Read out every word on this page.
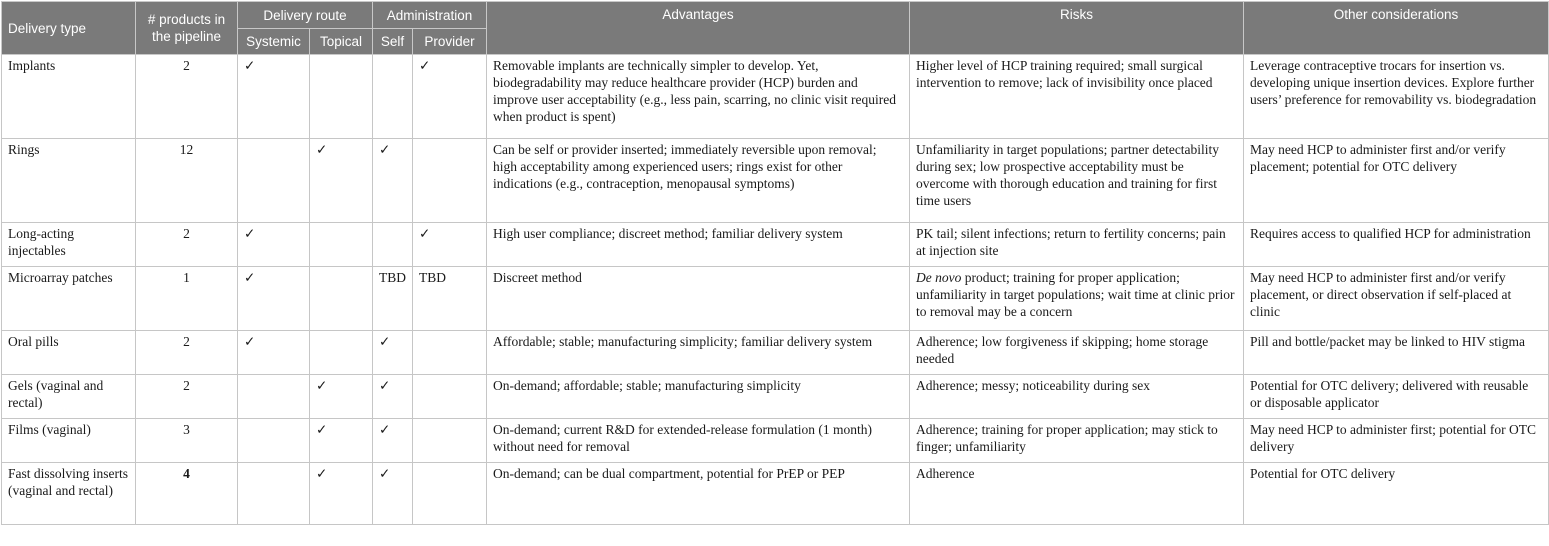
Delivery type	# products in the pipeline	Delivery route		Administration		Advantages	Risks	Other considerations
		Systemic	Topical	Self	Provider			
Implants	2	✓			✓	Removable implants are technically simpler to develop. Yet, biodegradability may reduce healthcare provider (HCP) burden and improve user acceptability (e.g., less pain, scarring, no clinic visit required when product is spent)	Higher level of HCP training required; small surgical intervention to remove; lack of invisibility once placed	Leverage contraceptive trocars for insertion vs. developing unique insertion devices. Explore further users’ preference for removability vs. biodegradation
Rings	12		✓	✓		Can be self or provider inserted; immediately reversible upon removal; high acceptability among experienced users; rings exist for other indications (e.g., contraception, menopausal symptoms)	Unfamiliarity in target populations; partner detectability during sex; low prospective acceptability must be overcome with thorough education and training for first time users	May need HCP to administer first and/or verify placement; potential for OTC delivery
Long-acting injectables	2	✓			✓	High user compliance; discreet method; familiar delivery system	PK tail; silent infections; return to fertility concerns; pain at injection site	Requires access to qualified HCP for administration
Microarray patches	1	✓		TBD	TBD	Discreet method	De novo product; training for proper application; unfamiliarity in target populations; wait time at clinic prior to removal may be a concern	May need HCP to administer first and/or verify placement, or direct observation if self-placed at clinic
Oral pills	2	✓		✓		Affordable; stable; manufacturing simplicity; familiar delivery system	Adherence; low forgiveness if skipping; home storage needed	Pill and bottle/packet may be linked to HIV stigma
Gels (vaginal and rectal)	2		✓	✓		On-demand; affordable; stable; manufacturing simplicity	Adherence; messy; noticeability during sex	Potential for OTC delivery; delivered with reusable or disposable applicator
Films (vaginal)	3		✓	✓		On-demand; current R&D for extended-release formulation (1 month) without need for removal	Adherence; training for proper application; may stick to finger; unfamiliarity	May need HCP to administer first; potential for OTC delivery
Fast dissolving inserts (vaginal and rectal)	4		✓	✓		On-demand; can be dual compartment, potential for PrEP or PEP	Adherence	Potential for OTC delivery
